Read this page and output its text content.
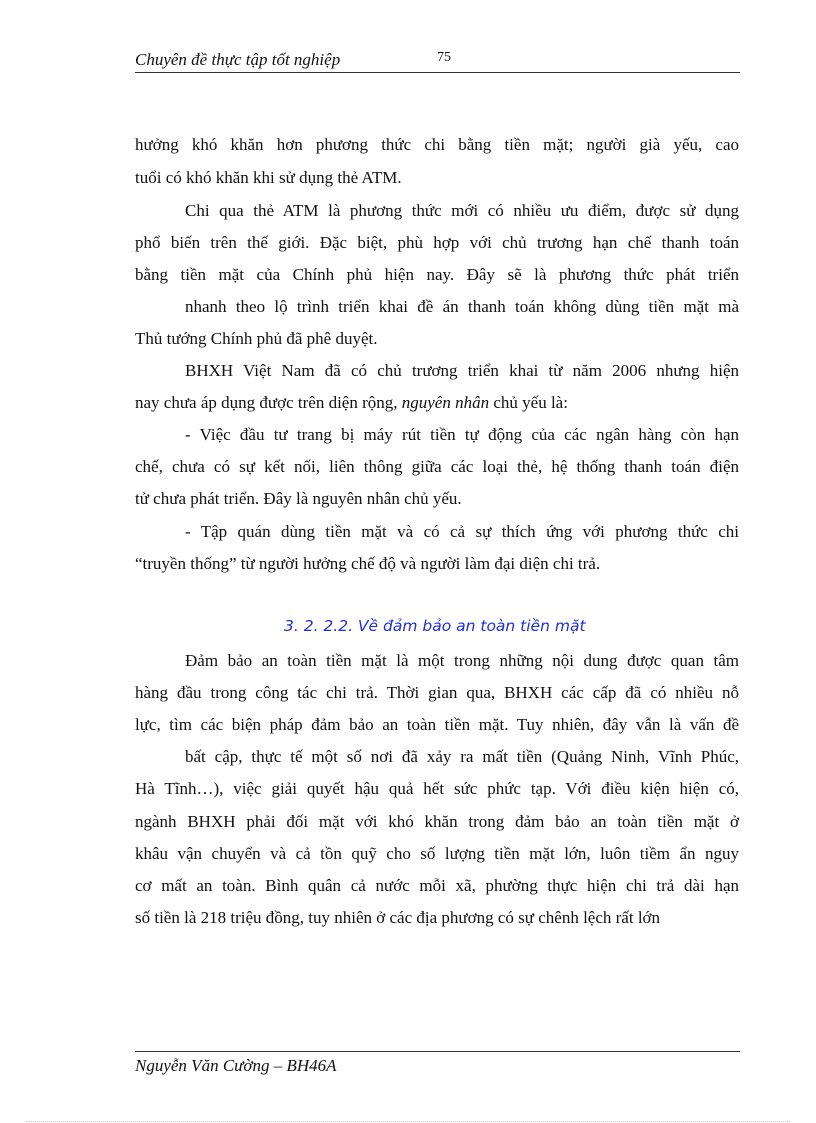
Chuyên đề thực tập tốt nghiệp	75
hưởng khó khăn hơn phương thức chi bằng tiền mặt; người già yếu, cao
tuổi có khó khăn khi sử dụng thẻ ATM.
Chi qua thẻ ATM là phương thức mới có nhiều ưu điểm, được sử dụng
phổ biến trên thế giới. Đặc biệt, phù hợp với chủ trương hạn chế thanh toán
bằng tiền mặt của Chính phủ hiện nay. Đây sẽ là phương thức phát triển
nhanh theo lộ trình triển khai đề án thanh toán không dùng tiền mặt mà
Thủ tướng Chính phủ đã phê duyệt.
BHXH Việt Nam đã có chủ trương triển khai từ năm 2006 nhưng hiện
nay chưa áp dụng được trên diện rộng, nguyên nhân chủ yếu là:
- Việc đầu tư trang bị máy rút tiền tự động của các ngân hàng còn hạn
chế, chưa có sự kết nối, liên thông giữa các loại thẻ, hệ thống thanh toán điện
tử chưa phát triển. Đây là nguyên nhân chủ yếu.
- Tập quán dùng tiền mặt và có cả sự thích ứng với phương thức chi
“truyền thống” từ người hưởng chế độ và người làm đại diện chi trả.
3. 2. 2.2. Về đảm bảo an toàn tiền mặt
Đảm bảo an toàn tiền mặt là một trong những nội dung được quan tâm
hàng đầu trong công tác chi trả. Thời gian qua, BHXH các cấp đã có nhiều nỗ
lực, tìm các biện pháp đảm bảo an toàn tiền mặt. Tuy nhiên, đây vẫn là vấn đề
bất cập, thực tế một số nơi đã xảy ra mất tiền (Quảng Ninh, Vĩnh Phúc,
Hà Tĩnh…), việc giải quyết hậu quả hết sức phức tạp. Với điều kiện hiện có,
ngành BHXH phải đối mặt với khó khăn trong đảm bảo an toàn tiền mặt ở
khâu vận chuyển và cả tồn quỹ cho số lượng tiền mặt lớn, luôn tiềm ẩn nguy
cơ mất an toàn. Bình quân cả nước mỗi xã, phường thực hiện chi trả dài hạn
số tiền là 218 triệu đồng, tuy nhiên ở các địa phương có sự chênh lệch rất lớn
Nguyễn Văn Cường – BH46A
